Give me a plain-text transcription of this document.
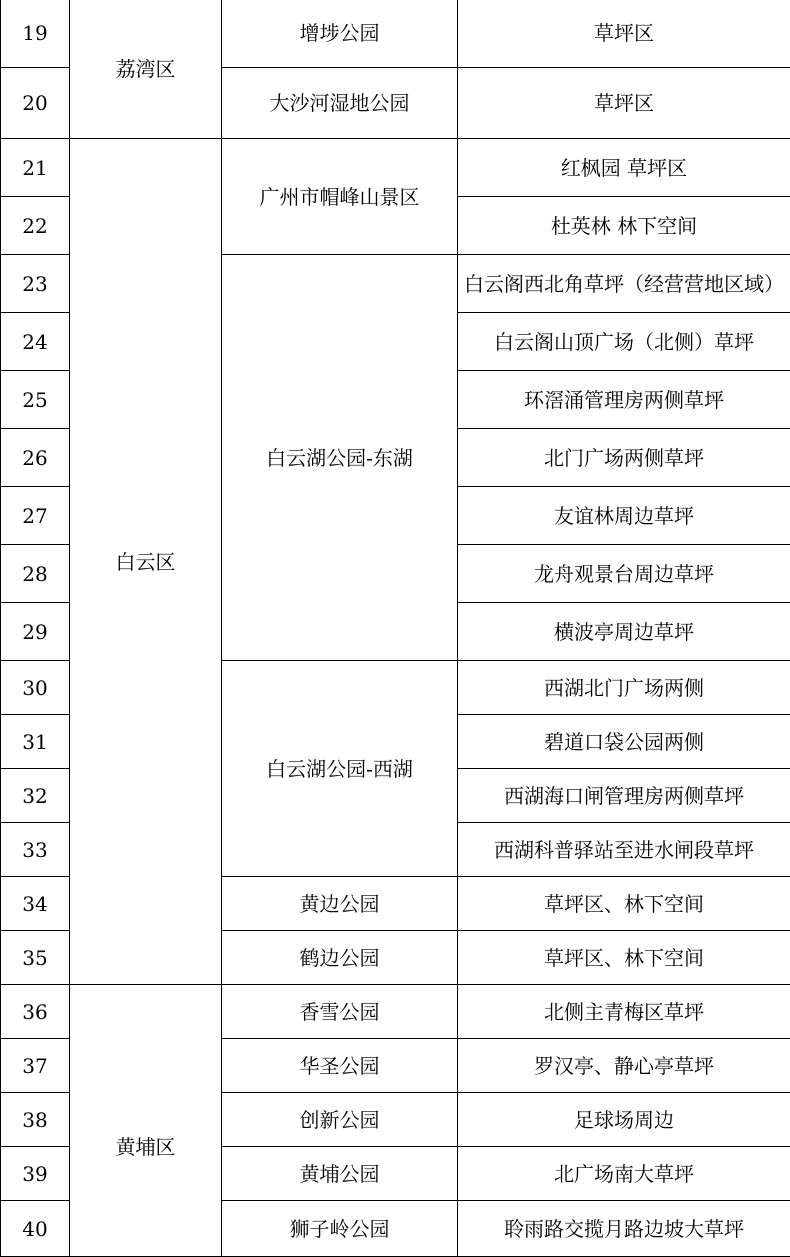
19	荔湾区	增埗公园	草坪区
20		大沙河湿地公园	草坪区
21	白云区	广州市帽峰山景区	红枫园 草坪区
22			杜英林 林下空间
23		白云湖公园-东湖	白云阁西北角草坪（经营营地区域）
24			白云阁山顶广场（北侧）草坪
25			环滘涌管理房两侧草坪
26			北门广场两侧草坪
27			友谊林周边草坪
28			龙舟观景台周边草坪
29			横波亭周边草坪
30		白云湖公园-西湖	西湖北门广场两侧
31			碧道口袋公园两侧
32			西湖海口闸管理房两侧草坪
33			西湖科普驿站至进水闸段草坪
34		黄边公园	草坪区、林下空间
35		鹤边公园	草坪区、林下空间
36	黄埔区	香雪公园	北侧主青梅区草坪
37		华圣公园	罗汉亭、静心亭草坪
38		创新公园	足球场周边
39		黄埔公园	北广场南大草坪
40		狮子岭公园	聆雨路交揽月路边坡大草坪
